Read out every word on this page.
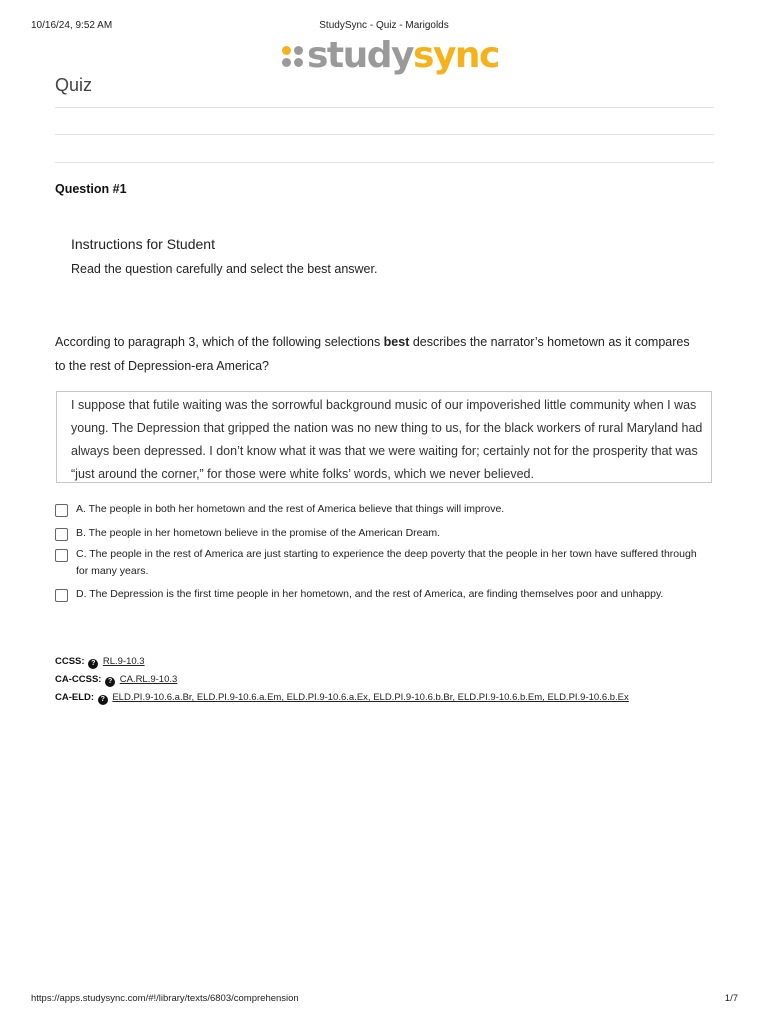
10/16/24, 9:52 AM	StudySync - Quiz - Marigolds
study sync
Quiz
Question #1
Instructions for Student
Read the question carefully and select the best answer.
According to paragraph 3, which of the following selections best describes the narrator’s hometown as it compares to the rest of Depression-era America?
I suppose that futile waiting was the sorrowful background music of our impoverished little community when I was young. The Depression that gripped the nation was no new thing to us, for the black workers of rural Maryland had always been depressed. I don’t know what it was that we were waiting for; certainly not for the prosperity that was “just around the corner,” for those were white folks’ words, which we never believed.
A. The people in both her hometown and the rest of America believe that things will improve.
B. The people in her hometown believe in the promise of the American Dream.
C. The people in the rest of America are just starting to experience the deep poverty that the people in her town have suffered through for many years.
D. The Depression is the first time people in her hometown, and the rest of America, are finding themselves poor and unhappy.
CCSS: ? RL.9-10.3
CA-CCSS: ? CA.RL.9-10.3
CA-ELD: ? ELD.PI.9-10.6.a.Br, ELD.PI.9-10.6.a.Em, ELD.PI.9-10.6.a.Ex, ELD.PI.9-10.6.b.Br, ELD.PI.9-10.6.b.Em, ELD.PI.9-10.6.b.Ex
https://apps.studysync.com/#!/library/texts/6803/comprehension	1/7
